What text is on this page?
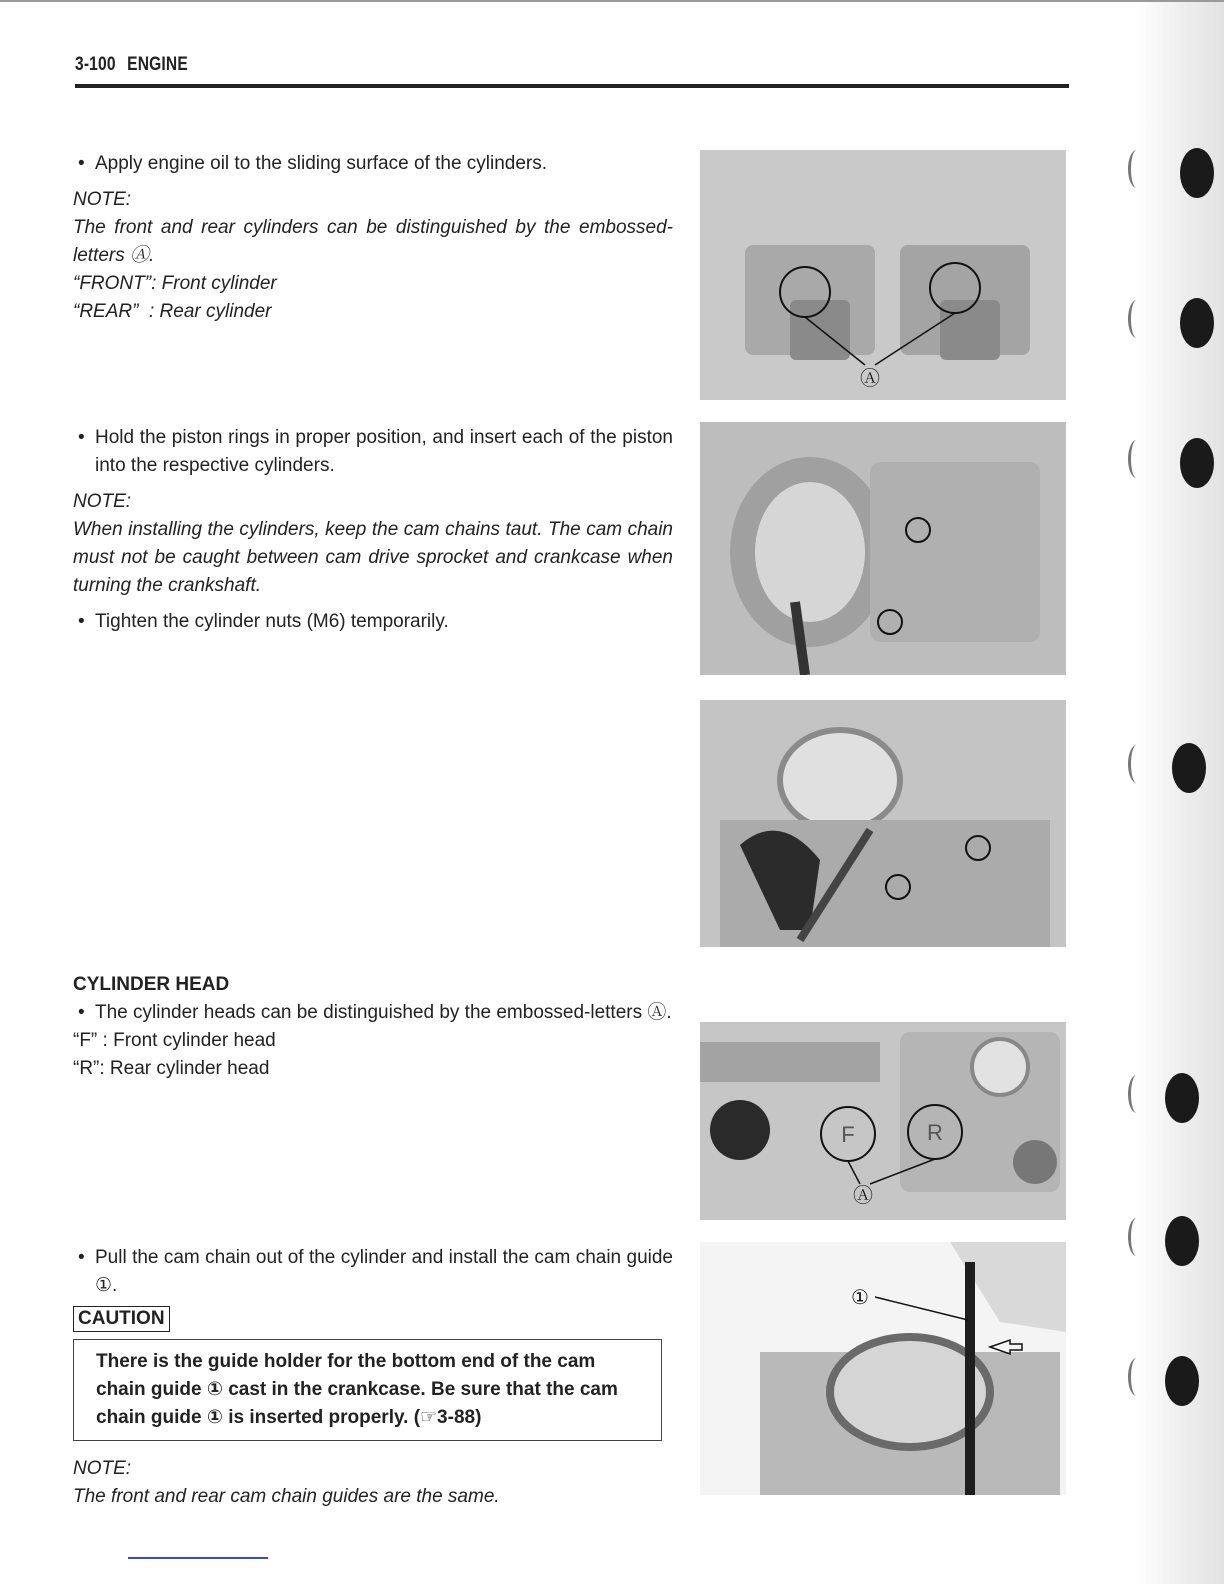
3-100 ENGINE

• Apply engine oil to the sliding surface of the cylinders.

NOTE:
The front and rear cylinders can be distinguished by the embossed-letters Ⓐ.
“FRONT”: Front cylinder
“REAR”  : Rear cylinder

• Hold the piston rings in proper position, and insert each of the piston into the respective cylinders.

NOTE:
When installing the cylinders, keep the cam chains taut. The cam chain must not be caught between cam drive sprocket and crankcase when turning the crankshaft.

• Tighten the cylinder nuts (M6) temporarily.

CYLINDER HEAD

• The cylinder heads can be distinguished by the embossed-letters Ⓐ.

“F” : Front cylinder head
“R”: Rear cylinder head

• Pull the cam chain out of the cylinder and install the cam chain guide ①.

CAUTION
There is the guide holder for the bottom end of the cam chain guide ① cast in the crankcase. Be sure that the cam chain guide ① is inserted properly. (☞3-88)
NOTE:
The front and rear cam chain guides are the same.
Ⓐ
F	R
Ⓐ
①
